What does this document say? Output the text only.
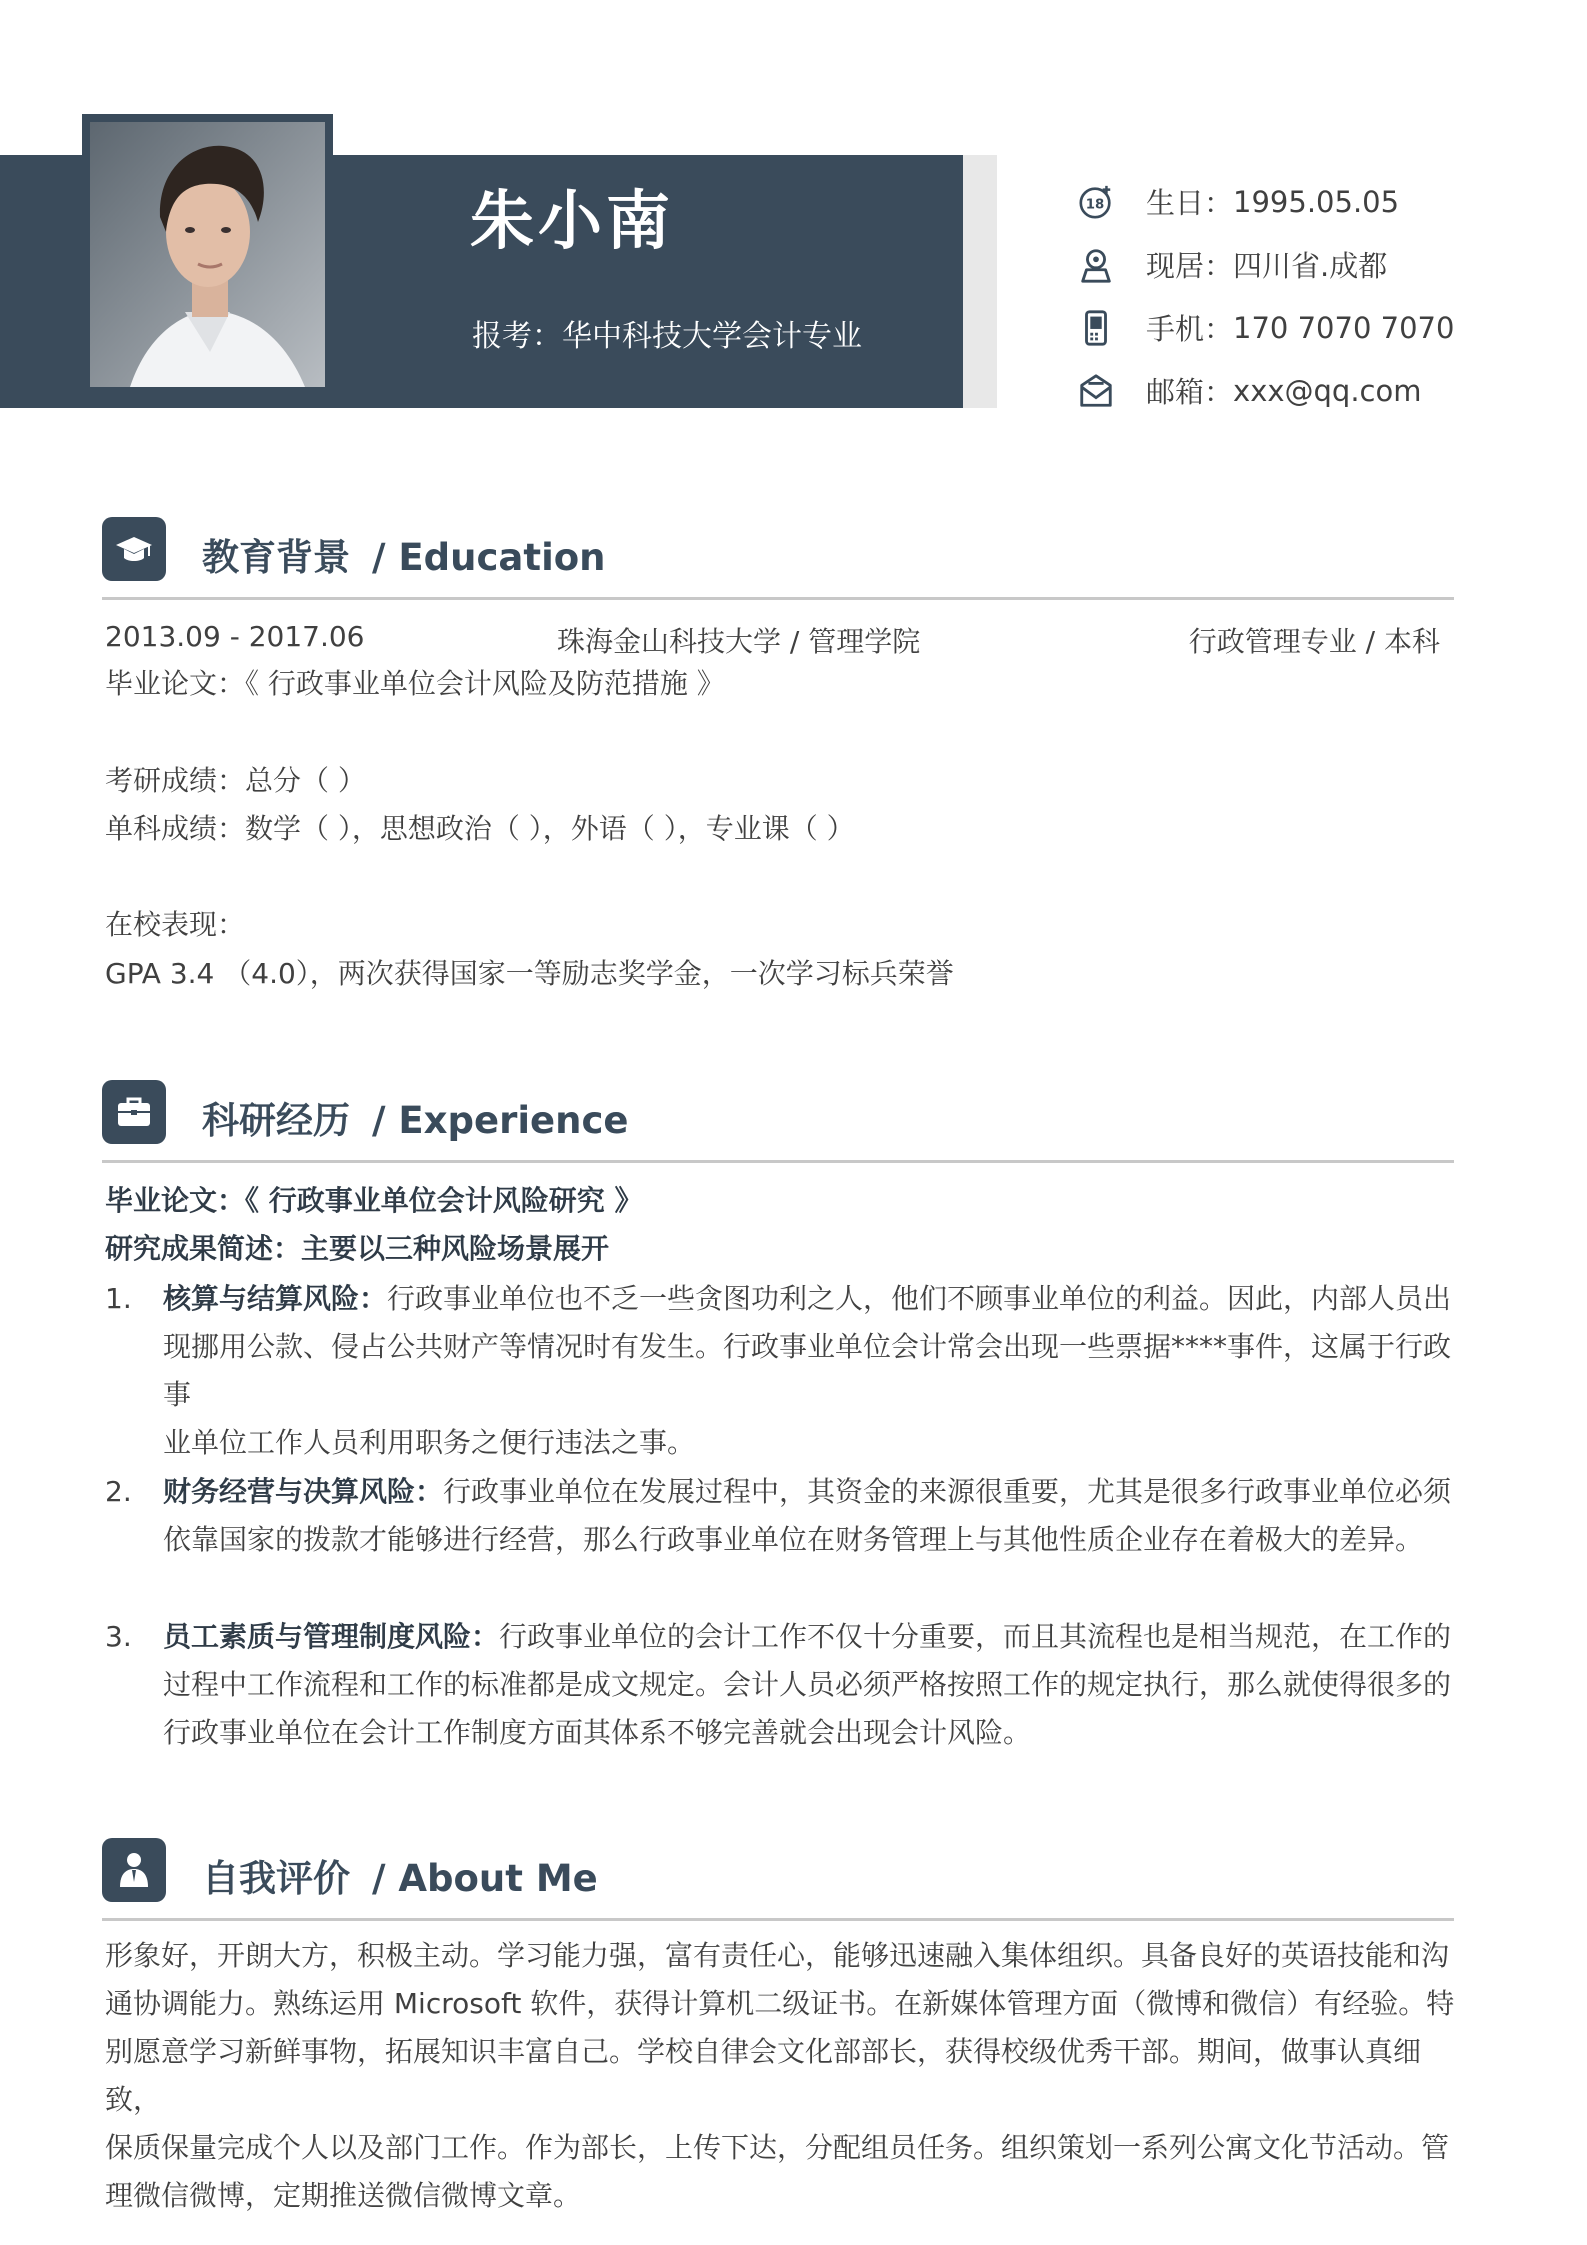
朱小南
报考：华中科技大学会计专业
18 生日 ： 1995.05.05
现居 ： 四川省.成都
手机 ： 170 7070 7070
邮箱 ： xxx@qq.com
教育背景 / Education
2013.09 - 2017.06	珠海金山科技大学 / 管理学院	行政管理专业 / 本科
毕业论文：《 行政事业单位会计风险及防范措施 》
考研成绩：总分（ ）
单科成绩：数学（ ），思想政治（ ），外语（ ），专业课（ ）
在校表现：
GPA 3.4 （4.0），两次获得国家一等励志奖学金，一次学习标兵荣誉
科研经历 / Experience
毕业论文：《 行政事业单位会计风险研究 》
研究成果简述：主要以三种风险场景展开
1. 核算与结算风险：行政事业单位也不乏一些贪图功利之人，他们不顾事业单位的利益。因此，内部人员出
现挪用公款、侵占公共财产等情况时有发生。行政事业单位会计常会出现一些票据****事件，这属于行政事
业单位工作人员利用职务之便行违法之事。
2. 财务经营与决算风险：行政事业单位在发展过程中，其资金的来源很重要，尤其是很多行政事业单位必须
依靠国家的拨款才能够进行经营，那么行政事业单位在财务管理上与其他性质企业存在着极大的差异。
3. 员工素质与管理制度风险：行政事业单位的会计工作不仅十分重要，而且其流程也是相当规范，在工作的
过程中工作流程和工作的标准都是成文规定。会计人员必须严格按照工作的规定执行，那么就使得很多的
行政事业单位在会计工作制度方面其体系不够完善就会出现会计风险。
自我评价 / About Me
形象好，开朗大方，积极主动。学习能力强，富有责任心，能够迅速融入集体组织。具备良好的英语技能和沟
通协调能力。熟练运用 Microsoft 软件，获得计算机二级证书。在新媒体管理方面（微博和微信）有经验。特
别愿意学习新鲜事物，拓展知识丰富自己。学校自律会文化部部长，获得校级优秀干部。期间，做事认真细致，
保质保量完成个人以及部门工作。作为部长，上传下达，分配组员任务。组织策划一系列公寓文化节活动。管
理微信微博，定期推送微信微博文章。
